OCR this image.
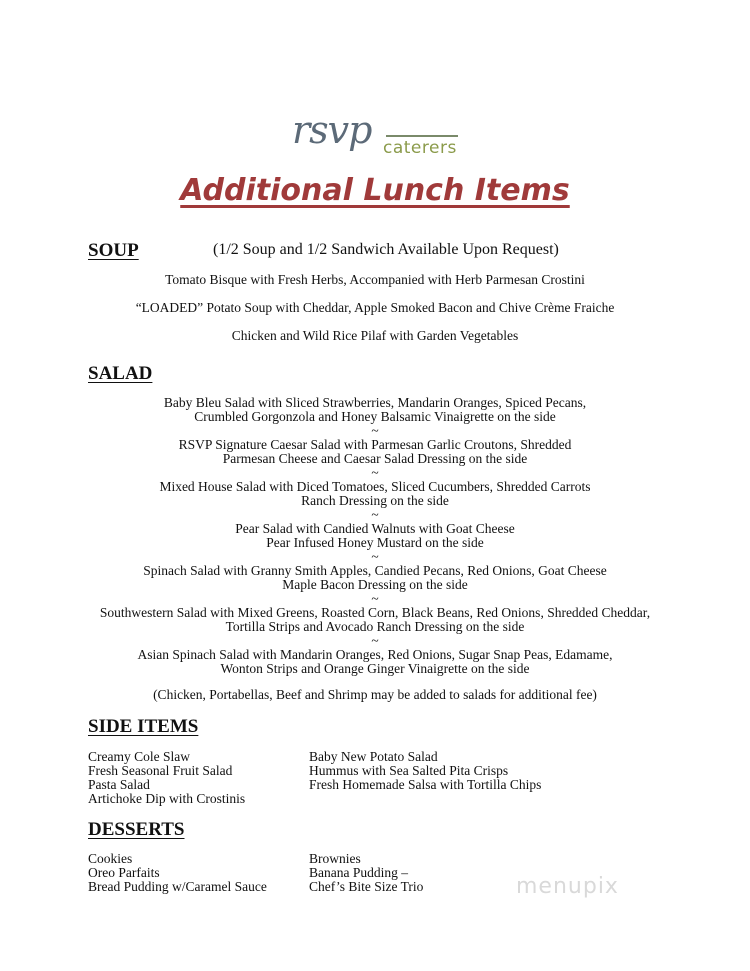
rsvp caterers
Additional Lunch Items
SOUP	(1/2 Soup and 1/2 Sandwich Available Upon Request)
Tomato Bisque with Fresh Herbs, Accompanied with Herb Parmesan Crostini
“LOADED” Potato Soup with Cheddar, Apple Smoked Bacon and Chive Crème Fraiche
Chicken and Wild Rice Pilaf with Garden Vegetables
SALAD
Baby Bleu Salad with Sliced Strawberries, Mandarin Oranges, Spiced Pecans,
Crumbled Gorgonzola and Honey Balsamic Vinaigrette on the side
~
RSVP Signature Caesar Salad with Parmesan Garlic Croutons, Shredded
Parmesan Cheese and Caesar Salad Dressing on the side
~
Mixed House Salad with Diced Tomatoes, Sliced Cucumbers, Shredded Carrots
Ranch Dressing on the side
~
Pear Salad with Candied Walnuts with Goat Cheese
Pear Infused Honey Mustard on the side
~
Spinach Salad with Granny Smith Apples, Candied Pecans, Red Onions, Goat Cheese
Maple Bacon Dressing on the side
~
Southwestern Salad with Mixed Greens, Roasted Corn, Black Beans, Red Onions, Shredded Cheddar,
Tortilla Strips and Avocado Ranch Dressing on the side
~
Asian Spinach Salad with Mandarin Oranges, Red Onions, Sugar Snap Peas, Edamame,
Wonton Strips and Orange Ginger Vinaigrette on the side
(Chicken, Portabellas, Beef and Shrimp may be added to salads for additional fee)
SIDE ITEMS
Creamy Cole Slaw
Fresh Seasonal Fruit Salad
Pasta Salad
Artichoke Dip with Crostinis
Baby New Potato Salad
Hummus with Sea Salted Pita Crisps
Fresh Homemade Salsa with Tortilla Chips
DESSERTS
Cookies
Oreo Parfaits
Bread Pudding w/Caramel Sauce
Brownies
Banana Pudding –
Chef’s Bite Size Trio	menupix
